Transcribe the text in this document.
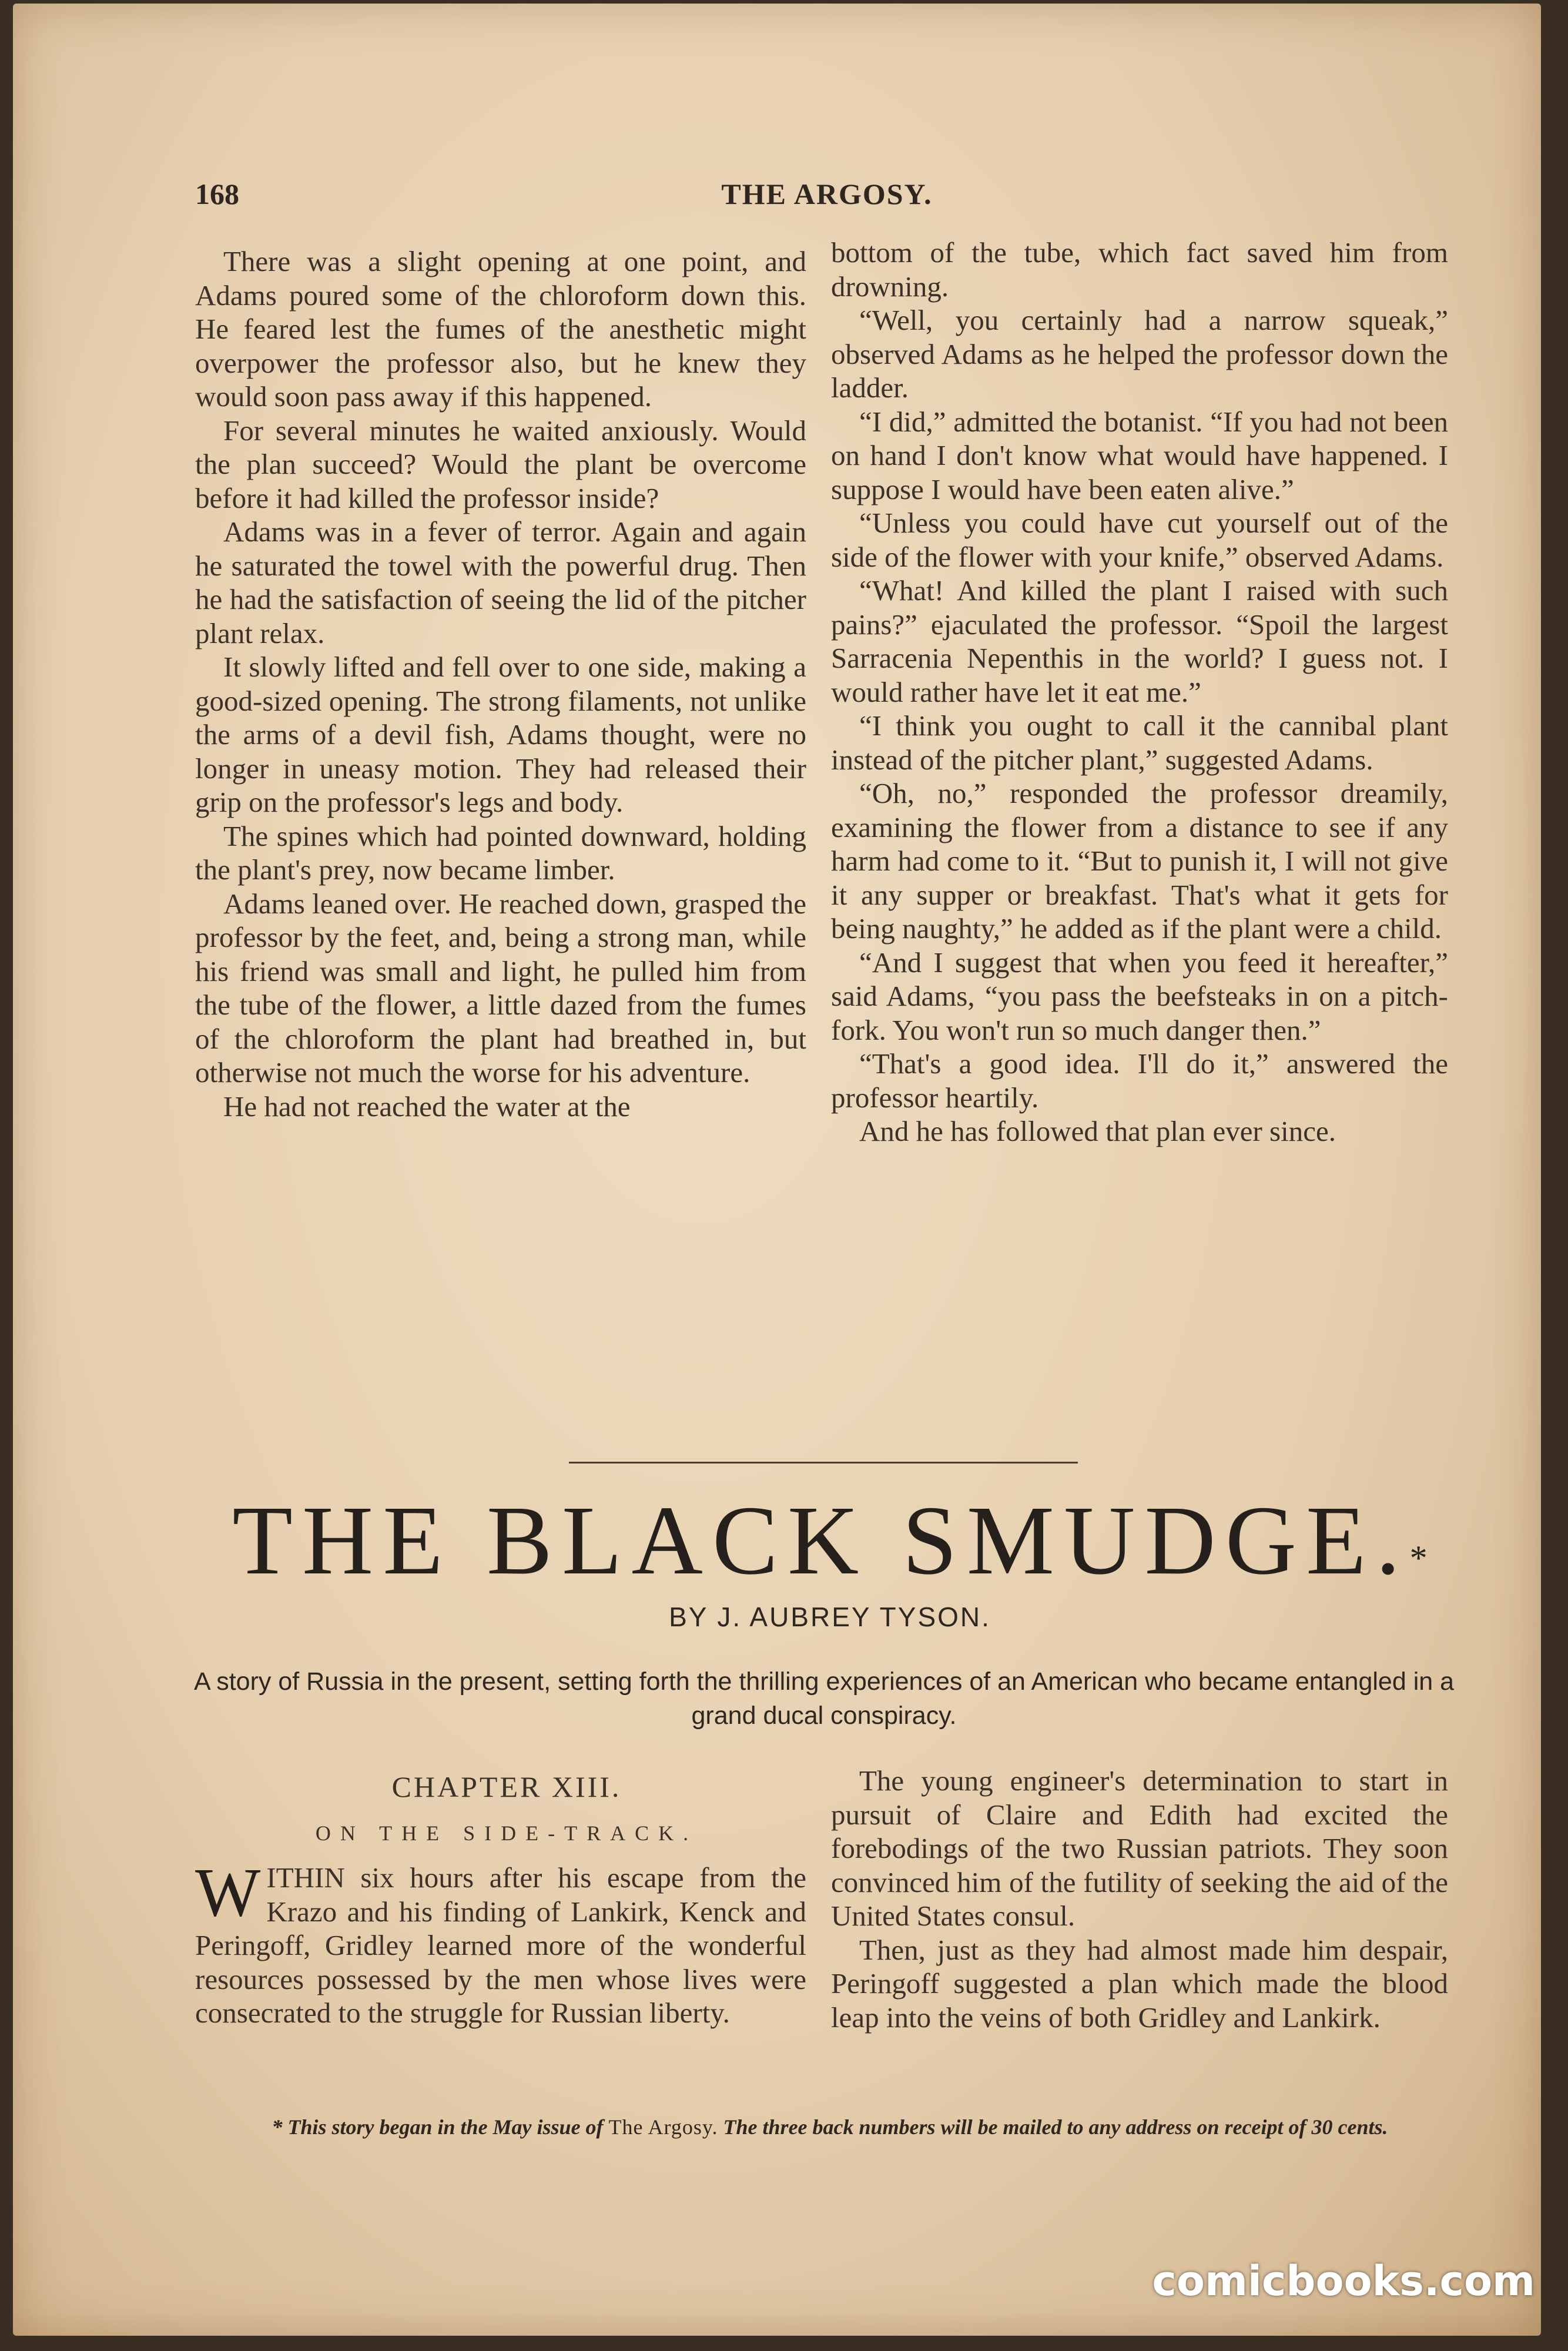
168	THE ARGOSY.

There was a slight opening at one point, and Adams poured some of the chloroform down this. He feared lest the fumes of the anesthetic might overpower the professor also, but he knew they would soon pass away if this happened.

For several minutes he waited anxiously. Would the plan succeed? Would the plant be overcome before it had killed the professor inside?

Adams was in a fever of terror. Again and again he saturated the towel with the powerful drug. Then he had the satisfaction of seeing the lid of the pitcher plant relax.

It slowly lifted and fell over to one side, making a good-sized opening. The strong filaments, not unlike the arms of a devil fish, Adams thought, were no longer in uneasy motion. They had released their grip on the professor's legs and body.

The spines which had pointed downward, holding the plant's prey, now became limber.

Adams leaned over. He reached down, grasped the professor by the feet, and, being a strong man, while his friend was small and light, he pulled him from the tube of the flower, a little dazed from the fumes of the chloroform the plant had breathed in, but otherwise not much the worse for his adventure.

He had not reached the water at the

bottom of the tube, which fact saved him from drowning.

“Well, you certainly had a narrow squeak,” observed Adams as he helped the professor down the ladder.

“I did,” admitted the botanist. “If you had not been on hand I don't know what would have happened. I suppose I would have been eaten alive.”

“Unless you could have cut yourself out of the side of the flower with your knife,” observed Adams.

“What! And killed the plant I raised with such pains?” ejaculated the professor. “Spoil the largest Sarracenia Nepenthis in the world? I guess not. I would rather have let it eat me.”

“I think you ought to call it the cannibal plant instead of the pitcher plant,” suggested Adams.

“Oh, no,” responded the professor dreamily, examining the flower from a distance to see if any harm had come to it. “But to punish it, I will not give it any supper or breakfast. That's what it gets for being naughty,” he added as if the plant were a child.

“And I suggest that when you feed it hereafter,” said Adams, “you pass the beefsteaks in on a pitch-fork. You won't run so much danger then.”

“That's a good idea. I'll do it,” answered the professor heartily.

And he has followed that plan ever since.

THE BLACK SMUDGE.*
BY J. AUBREY TYSON.
A story of Russia in the present, setting forth the thrilling experiences of an American who became entangled in a grand ducal conspiracy.
CHAPTER XIII.
ON THE SIDE-TRACK.

WITHIN six hours after his escape from the Krazo and his finding of Lankirk, Kenck and Peringoff, Gridley learned more of the wonderful resources possessed by the men whose lives were consecrated to the struggle for Russian liberty.

The young engineer's determination to start in pursuit of Claire and Edith had excited the forebodings of the two Russian patriots. They soon convinced him of the futility of seeking the aid of the United States consul.

Then, just as they had almost made him despair, Peringoff suggested a plan which made the blood leap into the veins of both Gridley and Lankirk.

* This story began in the May issue of The Argosy. The three back numbers will be mailed to any address on receipt of 30 cents.
comicbooks.com
